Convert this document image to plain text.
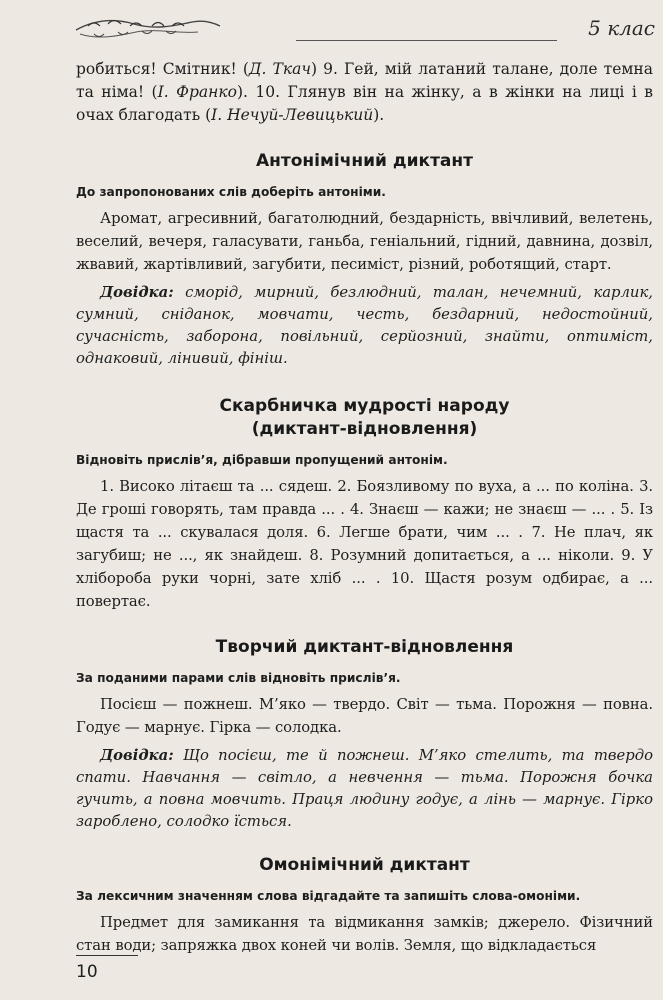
5 клас

робиться! Смітник! (Д. Ткач) 9. Гей, мій латаний талане, доле темна та німа! (І. Франко). 10. Глянув він на жінку, а в жінки на лиці і в очах благодать (І. Нечуй-Левицький).

Антонімічний диктант

До запропонованих слів доберіть антоніми.

Аромат, агресивний, багатолюдний, бездарність, ввічливий, велетень, веселий, вечеря, галасувати, ганьба, геніальний, гідний, давнина, дозвіл, жвавий, жартівливий, загубити, песиміст, різний, роботящий, старт.

Довідка: сморід, мирний, безлюдний, талан, нечемний, карлик, сумний, сніданок, мовчати, честь, бездарний, недостойний, сучасність, заборона, повільний, серйозний, знайти, оптиміст, однаковий, лінивий, фініш.

Скарбничка мудрості народу
(диктант-відновлення)

Відновіть прислів’я, дібравши пропущений антонім.

1. Високо літаєш та ... сядеш. 2. Боязливому по вуха, а ... по коліна. 3. Де гроші говорять, там правда ... . 4. Знаєш — кажи; не знаєш — ... . 5. Із щастя та ... скувалася доля. 6. Легше брати, чим ... . 7. Не плач, як загубиш; не ..., як знайдеш. 8. Розумний допитається, а ... ніколи. 9. У хлібороба руки чорні, зате хліб ... . 10. Щастя розум одбирає, а ... повертає.

Творчий диктант-відновлення

За поданими парами слів відновіть прислів’я.

Посієш — пожнеш. М’яко — твердо. Світ — тьма. Порожня — повна. Годує — марнує. Гірка — солодка.

Довідка: Що посієш, те й пожнеш. М’яко стелить, та твердо спати. Навчання — світло, а невчення — тьма. Порожня бочка гучить, а повна мовчить. Праця людину годує, а лінь — марнує. Гірко зароблено, солодко їсться.

Омонімічний диктант

За лексичним значенням слова відгадайте та запишіть слова-омоніми.

Предмет для замикання та відмикання замків; джерело. Фізичний стан води; запряжка двох коней чи волів. Земля, що відкладається

10
